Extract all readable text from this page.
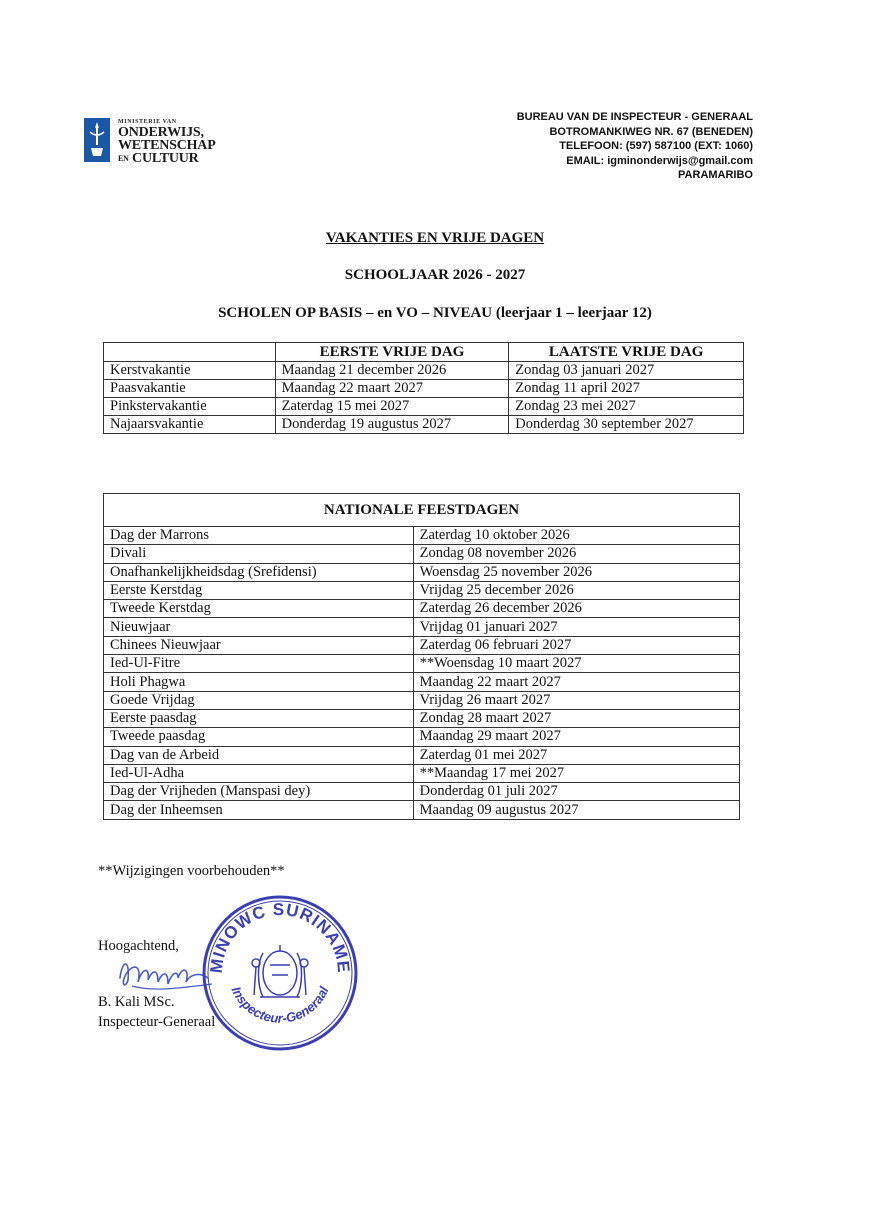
MINISTERIE VAN
ONDERWIJS,
WETENSCHAP
EN CULTUUR
BUREAU VAN DE INSPECTEUR - GENERAAL
BOTROMANKIWEG NR. 67 (BENEDEN)
TELEFOON: (597) 587100 (EXT: 1060)
EMAIL: igminonderwijs@gmail.com
PARAMARIBO
VAKANTIES EN VRIJE DAGEN
SCHOOLJAAR 2026 - 2027
SCHOLEN OP BASIS – en VO – NIVEAU (leerjaar 1 – leerjaar 12)
	EERSTE VRIJE DAG	LAATSTE VRIJE DAG
Kerstvakantie	Maandag 21 december 2026	Zondag 03 januari 2027
Paasvakantie	Maandag 22 maart 2027	Zondag 11 april 2027
Pinkstervakantie	Zaterdag 15 mei 2027	Zondag 23 mei 2027
Najaarsvakantie	Donderdag 19 augustus 2027	Donderdag 30 september 2027
NATIONALE FEESTDAGEN	
Dag der Marrons	Zaterdag 10 oktober 2026
Divali	Zondag 08 november 2026
Onafhankelijkheidsdag (Srefidensi)	Woensdag 25 november 2026
Eerste Kerstdag	Vrijdag 25 december 2026
Tweede Kerstdag	Zaterdag 26 december 2026
Nieuwjaar	Vrijdag 01 januari 2027
Chinees Nieuwjaar	Zaterdag 06 februari 2027
Ied-Ul-Fitre	**Woensdag 10 maart 2027
Holi Phagwa	Maandag 22 maart 2027
Goede Vrijdag	Vrijdag 26 maart 2027
Eerste paasdag	Zondag 28 maart 2027
Tweede paasdag	Maandag 29 maart 2027
Dag van de Arbeid	Zaterdag 01 mei 2027
Ied-Ul-Adha	**Maandag 17 mei 2027
Dag der Vrijheden (Manspasi dey)	Donderdag 01 juli 2027
Dag der Inheemsen	Maandag 09 augustus 2027
**Wijzigingen voorbehouden**
Hoogachtend,
B. Kali MSc.
Inspecteur-Generaal
MINOWC SURINAME
Inspecteur-Generaal
